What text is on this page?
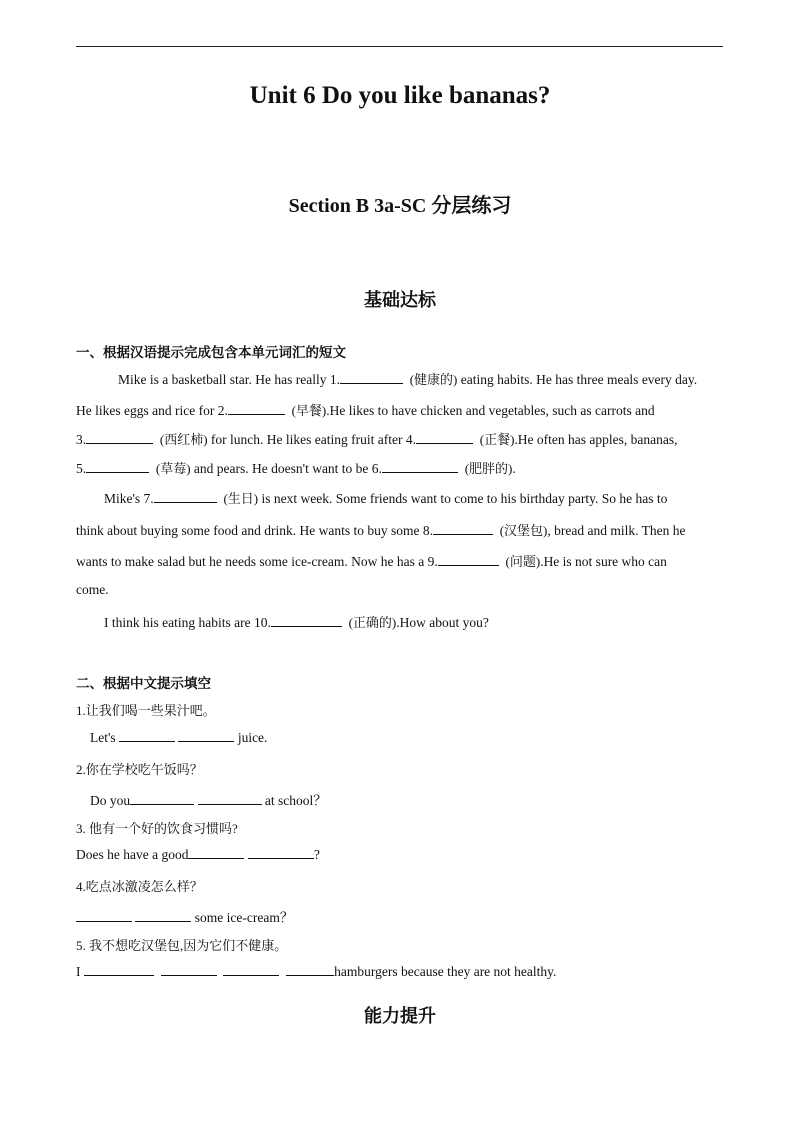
Unit 6 Do you like bananas?
Section B 3a-SC 分层练习
基础达标
一、根据汉语提示完成包含本单元词汇的短文
Mike is a basketball star. He has really 1.	(健康的) eating habits. He has three meals every day.
He likes eggs and rice for 2.	(早餐).He likes to have chicken and vegetables, such as carrots and
3.	(西红柿) for lunch. He likes eating fruit after 4.	(正餐).He often has apples, bananas,
5.	(草莓) and pears. He doesn't want to be 6.	(肥胖的).
Mike's 7.	(生日) is next week. Some friends want to come to his birthday party. So he has to
think about buying some food and drink. He wants to buy some 8.	(汉堡包), bread and milk. Then he
wants to make salad but he needs some ice-cream. Now he has a 9.	(问题).He is not sure who can
come.
I think his eating habits are 10.	(正确的).How about you?
二、根据中文提示填空
1.让我们喝一些果汁吧。
Let's	juice.
2.你在学校吃午饭吗？
Do you	at school？
3. 他有一个好的饮食习惯吗?
Does he have a good	?
4.吃点冰激凌怎么样？
some ice-cream？
5. 我不想吃汉堡包,因为它们不健康。
I	hamburgers because they are not healthy.
能力提升
